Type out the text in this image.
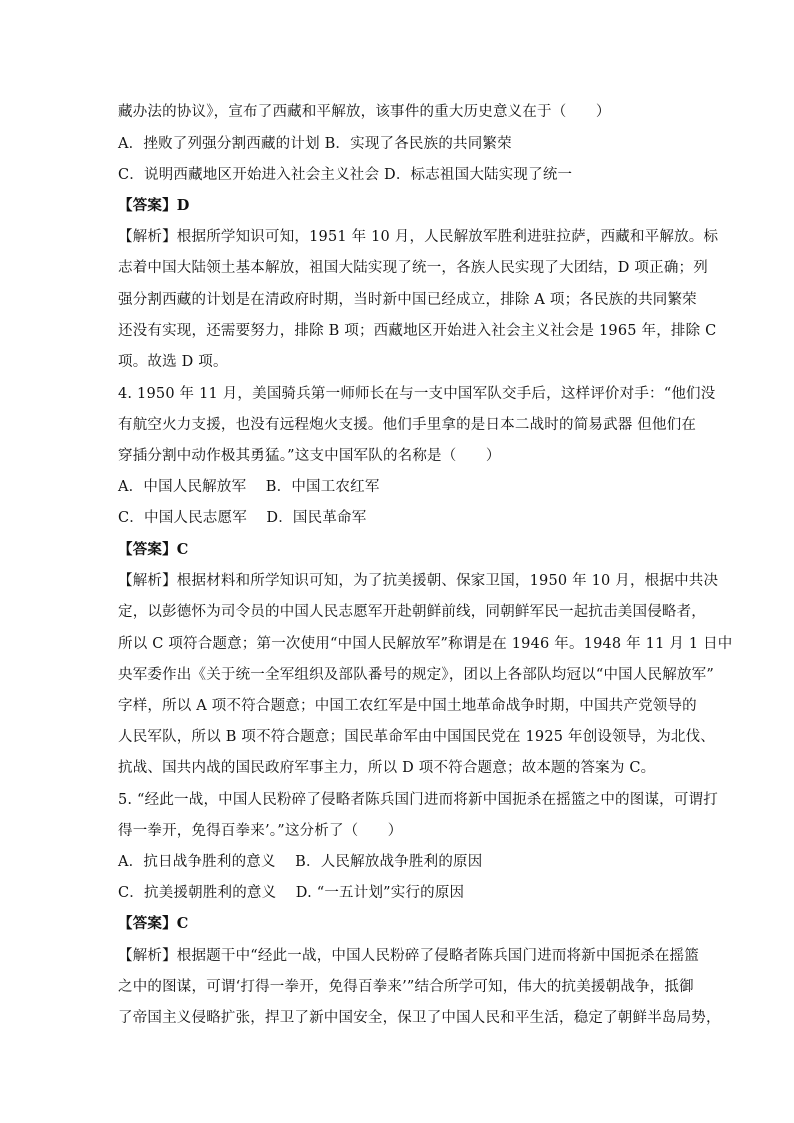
藏办法的协议》，宣布了西藏和平解放，该事件的重大历史意义在于（　　）
A．挫败了列强分割西藏的计划 B．实现了各民族的共同繁荣
C．说明西藏地区开始进入社会主义社会 D．标志祖国大陆实现了统一
【答案】D
【解析】根据所学知识可知，1951 年 10 月，人民解放军胜利进驻拉萨，西藏和平解放。标
志着中国大陆领土基本解放，祖国大陆实现了统一，各族人民实现了大团结，D 项正确；列
强分割西藏的计划是在清政府时期，当时新中国已经成立，排除 A 项；各民族的共同繁荣
还没有实现，还需要努力，排除 B 项；西藏地区开始进入社会主义社会是 1965 年，排除 C
项。故选 D 项。
4. 1950 年 11 月，美国骑兵第一师师长在与一支中国军队交手后，这样评价对手：“他们没
有航空火力支援，也没有远程炮火支援。他们手里拿的是日本二战时的简易武器 但他们在
穿插分割中动作极其勇猛。”这支中国军队的名称是（　　）
A．中国人民解放军　 B．中国工农红军
C．中国人民志愿军　 D．国民革命军
【答案】C
【解析】根据材料和所学知识可知，为了抗美援朝、保家卫国，1950 年 10 月，根据中共决
定，以彭德怀为司令员的中国人民志愿军开赴朝鲜前线，同朝鲜军民一起抗击美国侵略者，
所以 C 项符合题意；第一次使用“中国人民解放军”称谓是在 1946 年。1948 年 11 月 1 日中
央军委作出《关于统一全军组织及部队番号的规定》，团以上各部队均冠以“中国人民解放军”
字样，所以 A 项不符合题意；中国工农红军是中国土地革命战争时期，中国共产党领导的
人民军队，所以 B 项不符合题意；国民革命军由中国国民党在 1925 年创设领导，为北伐、
抗战、国共内战的国民政府军事主力，所以 D 项不符合题意；故本题的答案为 C。
5. “经此一战，中国人民粉碎了侵略者陈兵国门进而将新中国扼杀在摇篮之中的图谋，可谓打
得一拳开，免得百拳来’。”这分析了（　　）
A．抗日战争胜利的意义　 B．人民解放战争胜利的原因
C．抗美援朝胜利的意义　 D. “一五计划”实行的原因
【答案】C
【解析】根据题干中“经此一战，中国人民粉碎了侵略者陈兵国门进而将新中国扼杀在摇篮
之中的图谋，可谓‘打得一拳开，免得百拳来’”结合所学可知，伟大的抗美援朝战争，抵御
了帝国主义侵略扩张，捍卫了新中国安全，保卫了中国人民和平生活，稳定了朝鲜半岛局势，
